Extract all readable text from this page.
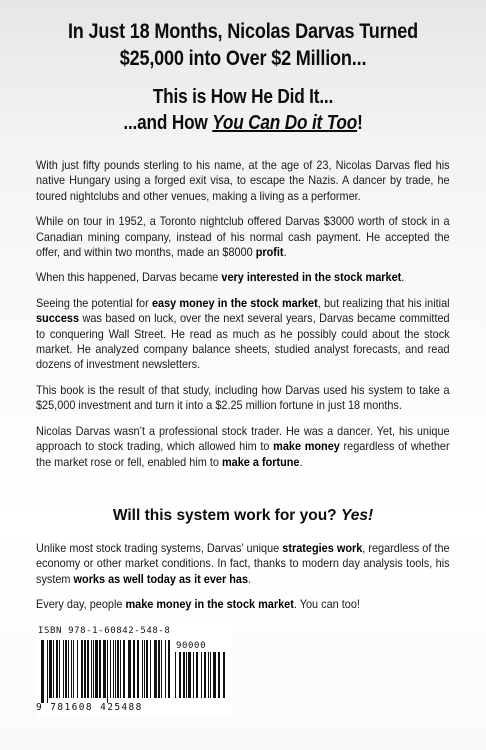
In Just 18 Months, Nicolas Darvas Turned
$25,000 into Over $2 Million...
This is How He Did It...
...and How You Can Do it Too!

With just fifty pounds sterling to his name, at the age of 23, Nicolas Darvas fled his native Hungary using a forged exit visa, to escape the Nazis. A dancer by trade, he toured nightclubs and other venues, making a living as a performer.

While on tour in 1952, a Toronto nightclub offered Darvas $3000 worth of stock in a Canadian mining company, instead of his normal cash payment. He accepted the offer, and within two months, made an $8000 profit.

When this happened, Darvas became very interested in the stock market.

Seeing the potential for easy money in the stock market, but realizing that his initial success was based on luck, over the next several years, Darvas became committed to conquering Wall Street. He read as much as he possibly could about the stock market. He analyzed company balance sheets, studied analyst forecasts, and read dozens of investment newsletters.

This book is the result of that study, including how Darvas used his system to take a $25,000 investment and turn it into a $2.25 million fortune in just 18 months.

Nicolas Darvas wasn’t a professional stock trader. He was a dancer. Yet, his unique approach to stock trading, which allowed him to make money regardless of whether the market rose or fell, enabled him to make a fortune.

Will this system work for you? Yes!

Unlike most stock trading systems, Darvas’ unique strategies work, regardless of the economy or other market conditions. In fact, thanks to modern day analysis tools, his system works as well today as it ever has.

Every day, people make money in the stock market. You can too!

ISBN 978-1-60842-548-8
90000
9 781608 425488
